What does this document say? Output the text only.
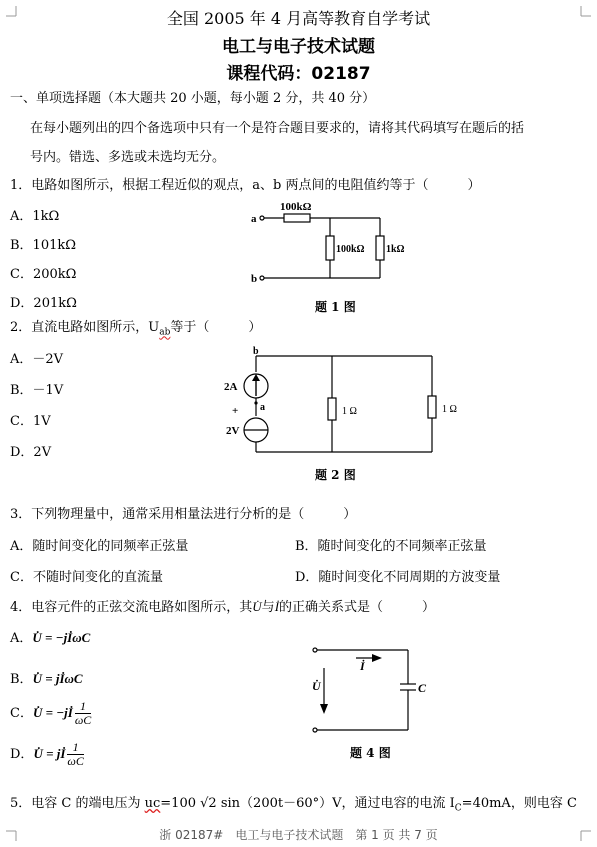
全国 2005 年 4 月高等教育自学考试
电工与电子技术试题
课程代码：02187
一、单项选择题（本大题共 20 小题，每小题 2 分，共 40 分）
在每小题列出的四个备选项中只有一个是符合题目要求的，请将其代码填写在题后的括
号内。错选、多选或未选均无分。
1．电路如图所示，根据工程近似的观点，a、b 两点间的电阻值约等于（　　　）
A．1kΩ
B．101kΩ
C．200kΩ
D．201kΩ
a
b
100kΩ
100kΩ 1kΩ
题 1 图
2．直流电路如图所示，$U_{ab}$等于（　　　）
A．－2V
B．－1V
C．1V
D．2V
b
a
2A
+
2V
1 Ω	1 Ω
题 2 图
3．下列物理量中，通常采用相量法进行分析的是（　　　）
A．随时间变化的同频率正弦量	B．随时间变化的不同频率正弦量
C．不随时间变化的直流量	D．随时间变化不同周期的方波变量
4．电容元件的正弦交流电路如图所示，其U̇与İ的正确关系式是（　　　）
A．U̇ = −jİωC
B．U̇ = jİωC
C．U̇ = −jİ $\frac{1}{\omega C}$
D．U̇ = jİ $\frac{1}{\omega C}$
İ
U̇	C
题 4 图
5．电容 C 的端电压为 uc=100 √2 sin（200t－60°）V，通过电容的电流 $I_C=40mA$，则电容 C
浙 02187#　电工与电子技术试题　第 1 页 共 7 页
